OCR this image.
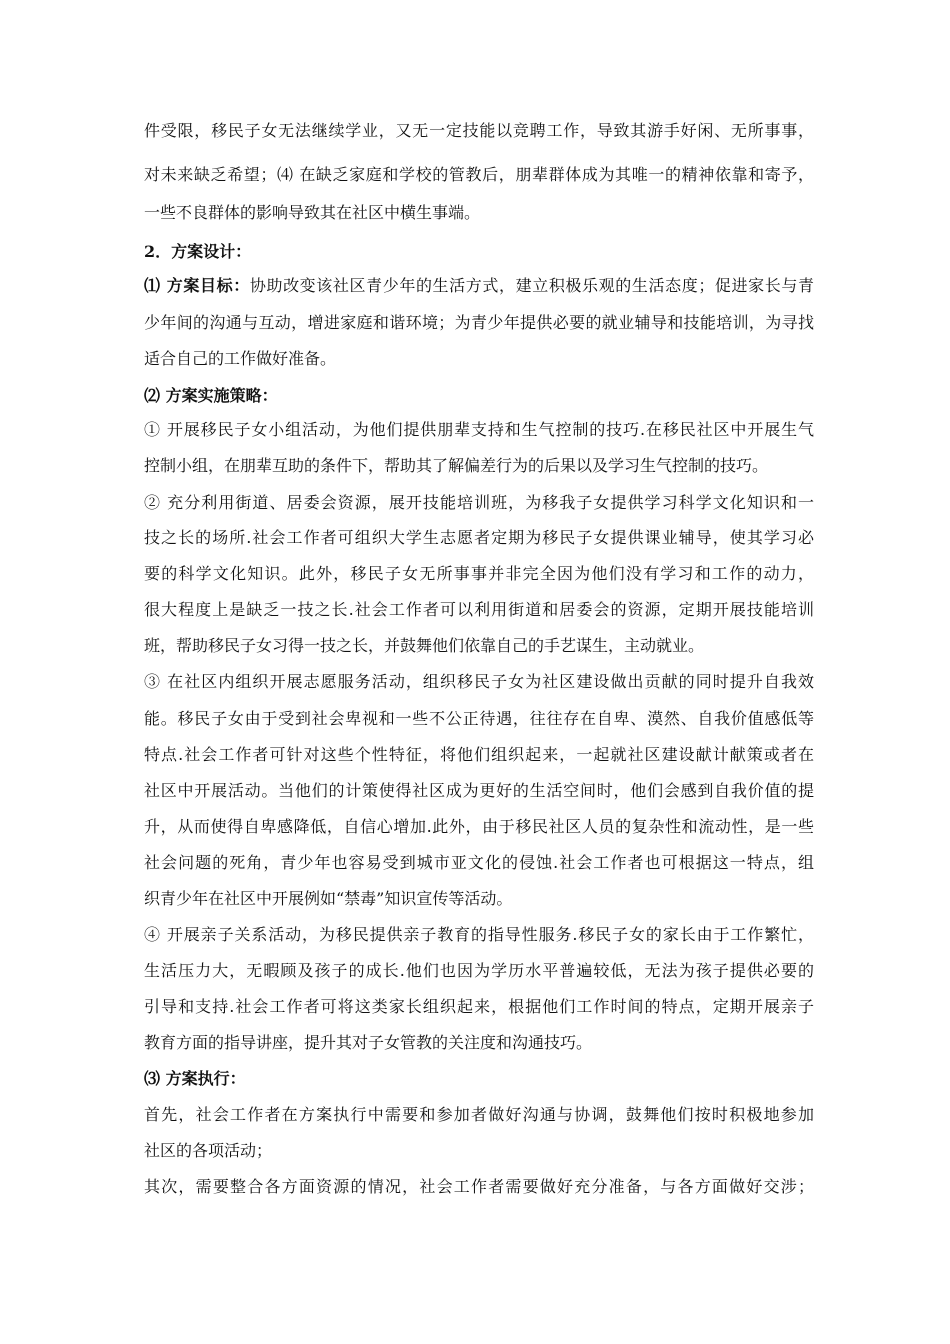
件受限，移民子女无法继续学业，又无一定技能以竞聘工作，导致其游手好闲、无所事事，
对未来缺乏希望；⑷ 在缺乏家庭和学校的管教后，朋辈群体成为其唯一的精神依靠和寄予，
一些不良群体的影响导致其在社区中横生事端。
2．方案设计：
⑴ 方案目标：协助改变该社区青少年的生活方式，建立积极乐观的生活态度；促进家长与青
少年间的沟通与互动，增进家庭和谐环境；为青少年提供必要的就业辅导和技能培训，为寻找
适合自己的工作做好准备。
⑵ 方案实施策略：
① 开展移民子女小组活动，为他们提供朋辈支持和生气控制的技巧.在移民社区中开展生气
控制小组，在朋辈互助的条件下，帮助其了解偏差行为的后果以及学习生气控制的技巧。
② 充分利用街道、居委会资源，展开技能培训班，为移我子女提供学习科学文化知识和一
技之长的场所.社会工作者可组织大学生志愿者定期为移民子女提供课业辅导，使其学习必
要的科学文化知识。此外，移民子女无所事事并非完全因为他们没有学习和工作的动力，
很大程度上是缺乏一技之长.社会工作者可以利用街道和居委会的资源，定期开展技能培训
班，帮助移民子女习得一技之长，并鼓舞他们依靠自己的手艺谋生，主动就业。
③ 在社区内组织开展志愿服务活动，组织移民子女为社区建设做出贡献的同时提升自我效
能。移民子女由于受到社会卑视和一些不公正待遇，往往存在自卑、漠然、自我价值感低等
特点.社会工作者可针对这些个性特征，将他们组织起来，一起就社区建设献计献策或者在
社区中开展活动。当他们的计策使得社区成为更好的生活空间时，他们会感到自我价值的提
升，从而使得自卑感降低，自信心增加.此外，由于移民社区人员的复杂性和流动性，是一些
社会问题的死角，青少年也容易受到城市亚文化的侵蚀.社会工作者也可根据这一特点，组
织青少年在社区中开展例如“禁毒”知识宣传等活动。
④ 开展亲子关系活动，为移民提供亲子教育的指导性服务.移民子女的家长由于工作繁忙，
生活压力大，无暇顾及孩子的成长.他们也因为学历水平普遍较低，无法为孩子提供必要的
引导和支持.社会工作者可将这类家长组织起来，根据他们工作时间的特点，定期开展亲子
教育方面的指导讲座，提升其对子女管教的关注度和沟通技巧。
⑶ 方案执行：
首先，社会工作者在方案执行中需要和参加者做好沟通与协调，鼓舞他们按时积极地参加
社区的各项活动；
其次，需要整合各方面资源的情况，社会工作者需要做好充分准备，与各方面做好交涉；
